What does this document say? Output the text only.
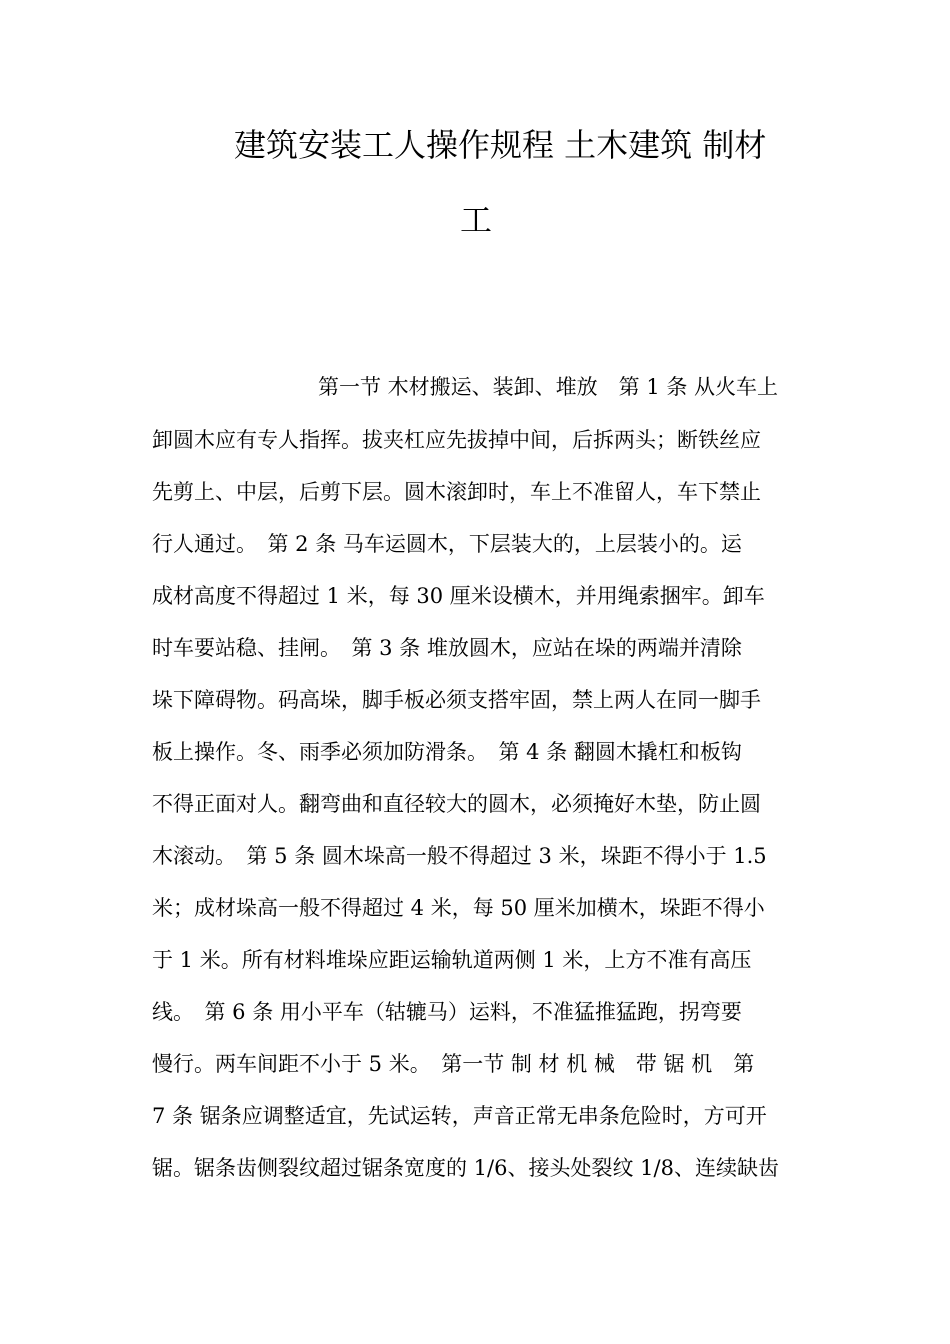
建筑安装工人操作规程 土木建筑 制材
工
第一节 木材搬运、装卸、堆放　第 1 条 从火车上
卸圆木应有专人指挥。拔夹杠应先拔掉中间，后拆两头；断铁丝应
先剪上、中层，后剪下层。圆木滚卸时，车上不准留人，车下禁止
行人通过。　第 2 条 马车运圆木，下层装大的，上层装小的。运
成材高度不得超过 1 米，每 30 厘米设横木，并用绳索捆牢。卸车
时车要站稳、挂闸。　第 3 条 堆放圆木，应站在垛的两端并清除
垛下障碍物。码高垛，脚手板必须支搭牢固，禁上两人在同一脚手
板上操作。冬、雨季必须加防滑条。　第 4 条 翻圆木撬杠和板钩
不得正面对人。翻弯曲和直径较大的圆木，必须掩好木垫，防止圆
木滚动。　第 5 条 圆木垛高一般不得超过 3 米，垛距不得小于 1.5
米；成材垛高一般不得超过 4 米，每 50 厘米加横木，垛距不得小
于 1 米。所有材料堆垛应距运输轨道两侧 1 米，上方不准有高压
线。　第 6 条 用小平车（轱辘马）运料，不准猛推猛跑，拐弯要
慢行。两车间距不小于 5 米。　第一节 制 材 机 械　带 锯 机　第
7 条 锯条应调整适宜，先试运转，声音正常无串条危险时，方可开
锯。锯条齿侧裂纹超过锯条宽度的 1/6、接头处裂纹 1/8、连续缺齿
